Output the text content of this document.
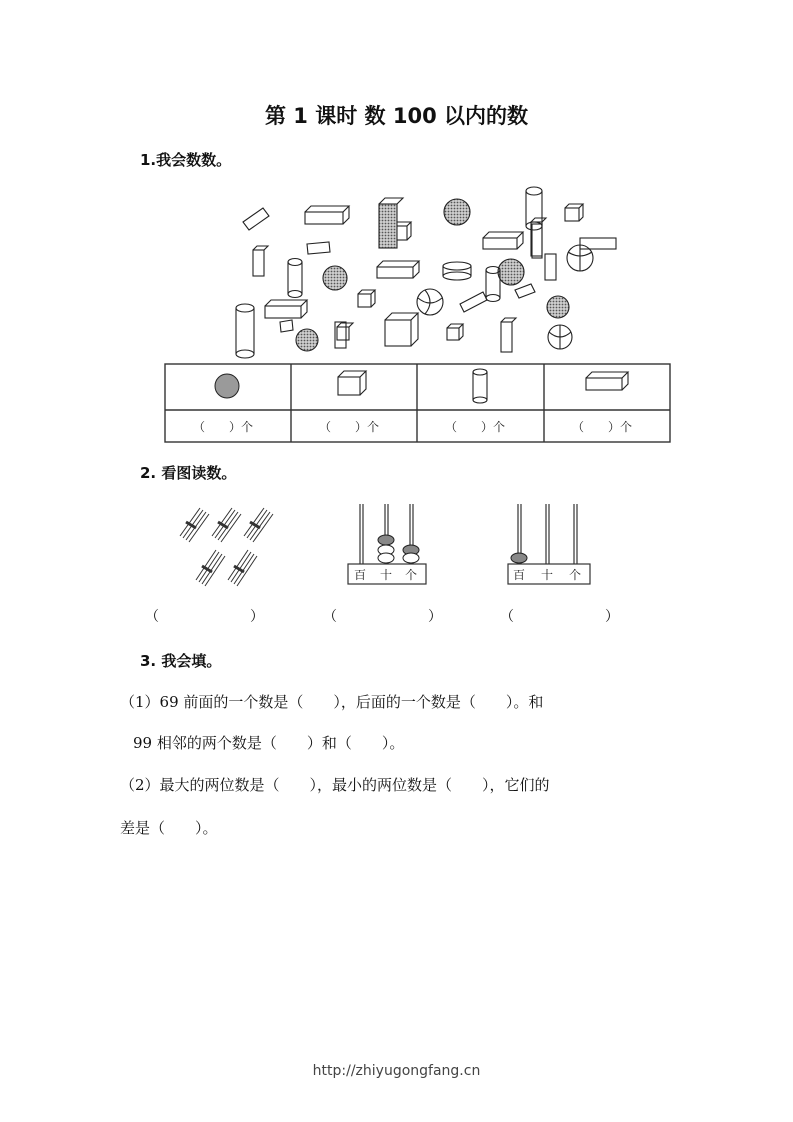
第 1 课时 数 100 以内的数
1.我会数数。
（　　）个	（　　）个	（　　）个	（　　）个
2. 看图读数。
百 十 个	百 十 个
（	）	（	）	（	）
3. 我会填。
（1）69 前面的一个数是（　　），后面的一个数是（　　）。和
99 相邻的两个数是（　　）和（　　）。
（2）最大的两位数是（　　），最小的两位数是（　　），它们的
差是（　　）。
http://zhiyugongfang.cn
